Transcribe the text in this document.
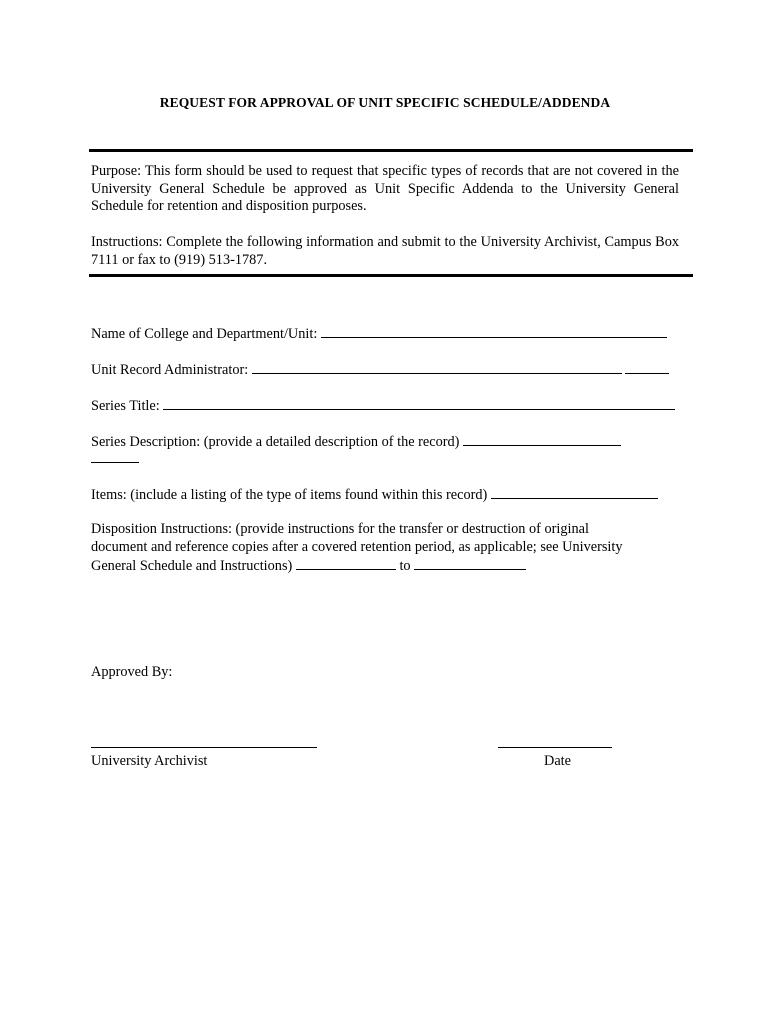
REQUEST FOR APPROVAL OF UNIT SPECIFIC SCHEDULE/ADDENDA
Purpose: This form should be used to request that specific types of records that are not covered in the University General Schedule be approved as Unit Specific Addenda to the University General Schedule for retention and disposition purposes.
Instructions: Complete the following information and submit to the University Archivist, Campus Box 7111 or fax to (919) 513-1787.
Name of College and Department/Unit:
Unit Record Administrator:
Series Title:
Series Description: (provide a detailed description of the record)
Items: (include a listing of the type of items found within this record)
Disposition Instructions: (provide instructions for the transfer or destruction of original
document and reference copies after a covered retention period, as applicable; see University
General Schedule and Instructions)	to
Approved By:
University Archivist	Date
